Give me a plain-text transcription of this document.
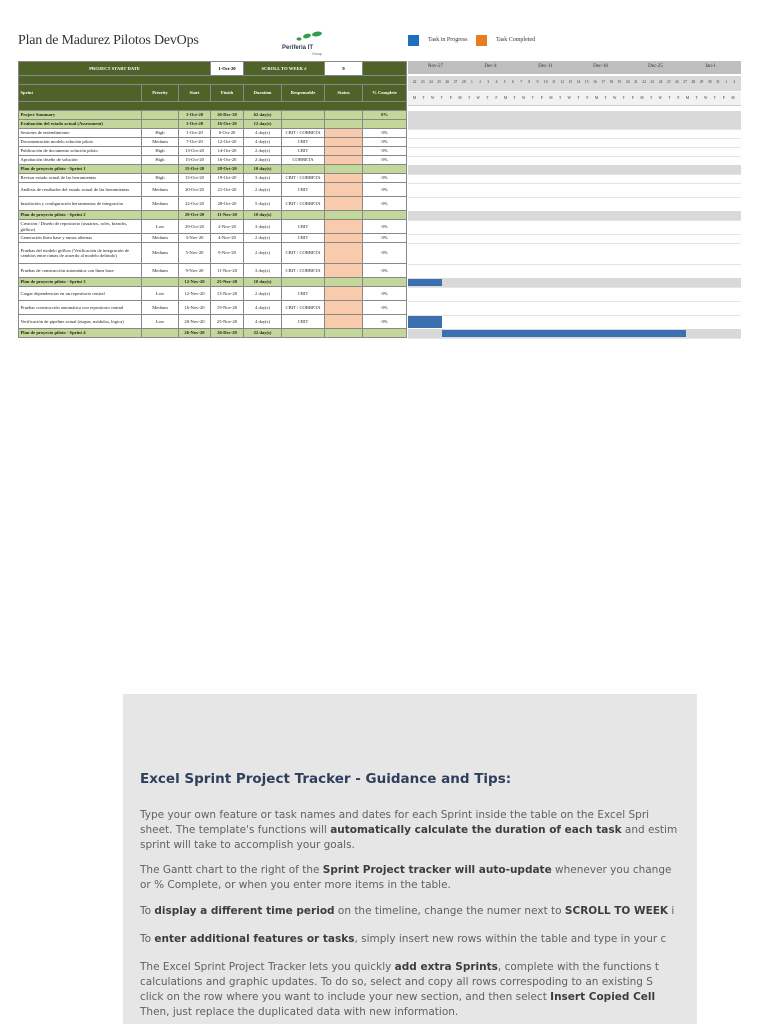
Plan de Madurez Pilotos DevOps	Periferia IT
Group
Task in Progress	Task Completed
PROJECT START DATE			1-Oct-20	SCROLL TO WEEK #		9	

Sprint	Priority	Start	Finish	Duration	Responsable	Status	% Complete

Project Summary		1-Oct-20	26-Dec-20	62 day(s)			0%
Evaluación del estado actual (Assessment)		1-Oct-20	16-Oct-20	12 day(s)			
Sesiones de entendimiento	High	1-Oct-20	6-Oct-20	4 day(s)	CBIT / CORBETA		0%
Documentación modelo solución piloto	Medium	7-Oct-20	12-Oct-20	4 day(s)	CBIT		0%
Publicación de documento solución piloto	High	13-Oct-20	14-Oct-20	2 day(s)	CBIT		0%
Aprobación diseño de solución	High	15-Oct-20	16-Oct-20	2 day(s)	CORBETA		0%
Plan de proyecto piloto - Sprint 1		15-Oct-20	28-Oct-20	10 day(s)			
Revisar estado actual de las herramientas	High	15-Oct-20	19-Oct-20	3 day(s)	CBIT / CORBETA		0%
Análisis de resultados del estado actual de las herramientas	Medium	20-Oct-20	21-Oct-20	2 day(s)	CBIT		0%
Instalación y configuración herramientas de integración	Medium	22-Oct-20	28-Oct-20	5 day(s)	CBIT / CORBETA		0%
Plan de proyecto piloto - Sprint 2		29-Oct-20	11-Nov-20	10 day(s)			
Creación / Diseño de repositorio (usuarios, roles, branchs, gitflow)	Low	29-Oct-20	2-Nov-20	3 day(s)	CBIT		0%
Generación línea base y ramas alternas	Medium	3-Nov-20	4-Nov-20	2 day(s)	CBIT		0%
Pruebas del modelo gitflow (Verificación de integración de cambios entre ramas de acuerdo al modelo definido)	Medium	5-Nov-20	9-Nov-20	2 day(s)	CBIT / CORBETA		0%
Pruebas de construcción automática con línea base	Medium	9-Nov-20	11-Nov-20	3 day(s)	CBIT / CORBETA		0%
Plan de proyecto piloto - Sprint 3		12-Nov-20	25-Nov-20	10 day(s)			
Cargar dependencias en un repositorio central	Low	12-Nov-20	13-Nov-20	2 day(s)	CBIT		0%
Pruebas construcción automática con repositorio central	Medium	16-Nov-20	19-Nov-20	4 day(s)	CBIT / CORBETA		0%
Verificación de pipeline actual (etapas, módulos, lógica)	Low	20-Nov-20	25-Nov-20	4 day(s)	CBIT		0%
Plan de proyecto piloto - Sprint 4		26-Nov-20	26-Dec-20	22 day(s)			
Nov-27	Dec-4	Dec-11	Dec-18	Dec-25	Jan-1
22	23	24	25	26	27	28	1	2	3	4	5	6	7	8	9	10	11	12	13	14	15	16	17	18	19	20	21	22	23	24	25	26	27	28	29	30	31	1	2
M	T	W	T	F	M	T	W	T	F	M	T	W	T	F	M	T	W	T	F	M	T	W	T	F	M	T	W	T	F	M	T	W	T	F	M
Excel Sprint Project Tracker - Guidance and Tips:

Type your own feature or task names and dates for each Sprint inside the table on the Excel Spri
sheet. The template's functions will automatically calculate the duration of each task and estim
sprint will take to accomplish your goals.

The Gantt chart to the right of the Sprint Project tracker will auto-update whenever you change
or % Complete, or when you enter more items in the table.

To display a different time period on the timeline, change the numer next to SCROLL TO WEEK i

To enter additional features or tasks, simply insert new rows within the table and type in your c

The Excel Sprint Project Tracker lets you quickly add extra Sprints, complete with the functions t
calculations and graphic updates. To do so, select and copy all rows correspoding to an existing S
click on the row where you want to include your new section, and then select Insert Copied Cell
Then, just replace the duplicated data with new information.
